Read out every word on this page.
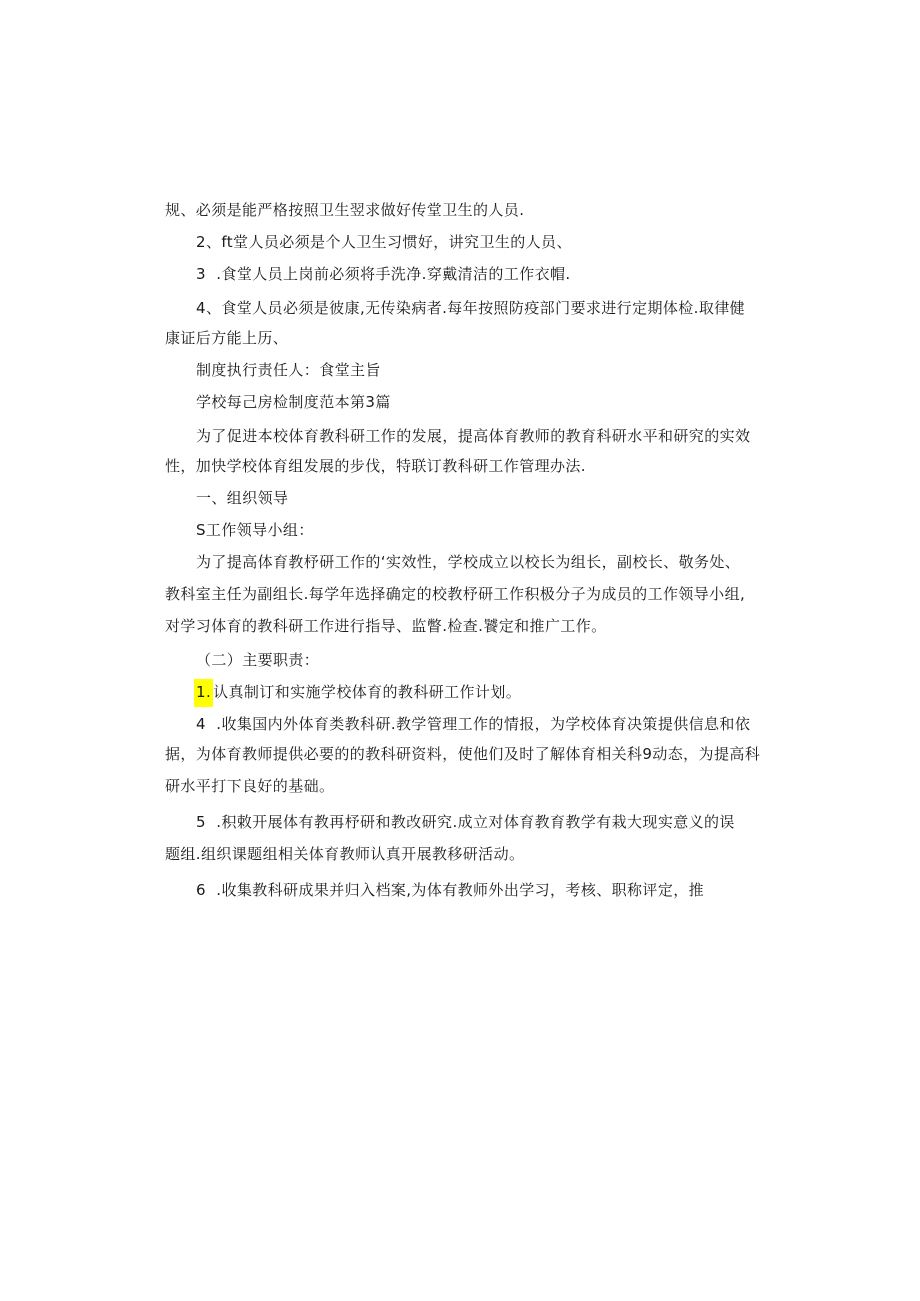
规、必须是能严格按照卫生翌求做好传堂卫生的人员.
2、ft堂人员必须是个人卫生习惯好，讲究卫生的人员、
3  .食堂人员上岗前必须将手洗净.穿戴清洁的工作衣帽.
4、食堂人员必须是彼康,无传染病者.每年按照防疫部门要求进行定期体检.取律健
康证后方能上历、
制度执行责任人：食堂主旨
学校每己房检制度范本第3篇
为了促进本校体育教科研工作的发展，提高体育教师的教育科研水平和研究的实效
性，加快学校体育组发展的步伐，特联订教科研工作管理办法.
一、组织领导
S工作领导小组：
为了提高体育教杼研工作的‘实效性，学校成立以校长为组长，副校长、敬务处、
教科室主任为副组长.每学年选择确定的校教杼研工作积极分子为成员的工作领导小组,
对学习体育的教科研工作进行指导、监瞥.检查.饕定和推广工作。
（二）主要职责：
1. 认真制订和实施学校体育的教科研工作计划。
4  .收集国内外体育类教科研.教学管理工作的情报，为学校体育决策提供信息和依
据，为体育教师提供必要的的教科研资料，使他们及时了解体育相关科9动态，为提高科
研水平打下良好的基础。
5  .积敕开展体有教再杼研和教改研究.成立对体育教育教学有栽大现实意义的误
题组.组织课题组相关体育教师认真开展教移研活动。
6  .收集教科研成果并归入档案,为体有教师外出学习，考核、职称评定，推
